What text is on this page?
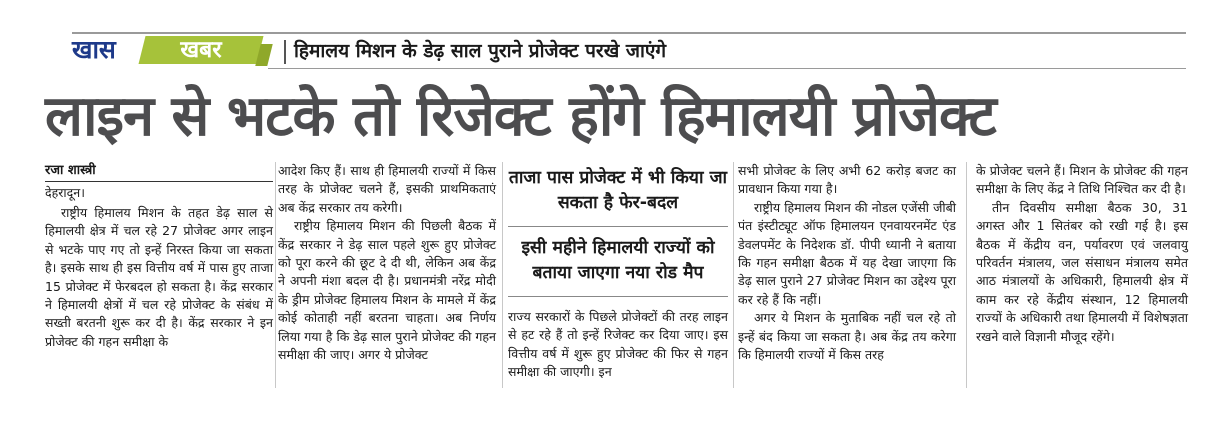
खास	खबर	हिमालय मिशन के डेढ़ साल पुराने प्रोजेक्ट परखे जाएंगे
लाइन से भटके तो रिजेक्ट होंगे हिमालयी प्रोजेक्ट
रजा शास्त्री
देहरादून।

राष्ट्रीय हिमालय मिशन के तहत डेढ़ साल से हिमालयी क्षेत्र में चल रहे 27 प्रोजेक्ट अगर लाइन से भटके पाए गए तो इन्हें निरस्त किया जा सकता है। इसके साथ ही इस वित्तीय वर्ष में पास हुए ताजा 15 प्रोजेक्ट में फेरबदल हो सकता है। केंद्र सरकार ने हिमालयी क्षेत्रों में चल रहे प्रोजेक्ट के संबंध में सख्ती बरतनी शुरू कर दी है। केंद्र सरकार ने इन प्रोजेक्ट की गहन समीक्षा के

आदेश किए हैं। साथ ही हिमालयी राज्यों में किस तरह के प्रोजेक्ट चलने हैं, इसकी प्राथमिकताएं अब केंद्र सरकार तय करेगी।

राष्ट्रीय हिमालय मिशन की पिछली बैठक में केंद्र सरकार ने डेढ़ साल पहले शुरू हुए प्रोजेक्ट को पूरा करने की छूट दे दी थी, लेकिन अब केंद्र ने अपनी मंशा बदल दी है। प्रधानमंत्री नरेंद्र मोदी के ड्रीम प्रोजेक्ट हिमालय मिशन के मामले में केंद्र कोई कोताही नहीं बरतना चाहता। अब निर्णय लिया गया है कि डेढ़ साल पुराने प्रोजेक्ट की गहन समीक्षा की जाए। अगर ये प्रोजेक्ट

ताजा पास प्रोजेक्ट में भी किया जा सकता है फेर-बदल
इसी महीने हिमालयी राज्यों को बताया जाएगा नया रोड मैप

राज्य सरकारों के पिछले प्रोजेक्टों की तरह लाइन से हट रहे हैं तो इन्हें रिजेक्ट कर दिया जाए। इस वित्तीय वर्ष में शुरू हुए प्रोजेक्ट की फिर से गहन समीक्षा की जाएगी। इन

सभी प्रोजेक्ट के लिए अभी 62 करोड़ बजट का प्रावधान किया गया है।

राष्ट्रीय हिमालय मिशन की नोडल एजेंसी जीबी पंत इंस्टीट्यूट ऑफ हिमालयन एनवायरनमेंट एंड डेवलपमेंट के निदेशक डॉ. पीपी ध्यानी ने बताया कि गहन समीक्षा बैठक में यह देखा जाएगा कि डेढ़ साल पुराने 27 प्रोजेक्ट मिशन का उद्देश्य पूरा कर रहे हैं कि नहीं।

अगर ये मिशन के मुताबिक नहीं चल रहे तो इन्हें बंद किया जा सकता है। अब केंद्र तय करेगा कि हिमालयी राज्यों में किस तरह

के प्रोजेक्ट चलने हैं। मिशन के प्रोजेक्ट की गहन समीक्षा के लिए केंद्र ने तिथि निश्चित कर दी है।

तीन दिवसीय समीक्षा बैठक 30, 31 अगस्त और 1 सितंबर को रखी गई है। इस बैठक में केंद्रीय वन, पर्यावरण एवं जलवायु परिवर्तन मंत्रालय, जल संसाधन मंत्रालय समेत आठ मंत्रालयों के अधिकारी, हिमालयी क्षेत्र में काम कर रहे केंद्रीय संस्थान, 12 हिमालयी राज्यों के अधिकारी तथा हिमालयी में विशेषज्ञता रखने वाले विज्ञानी मौजूद रहेंगे।
